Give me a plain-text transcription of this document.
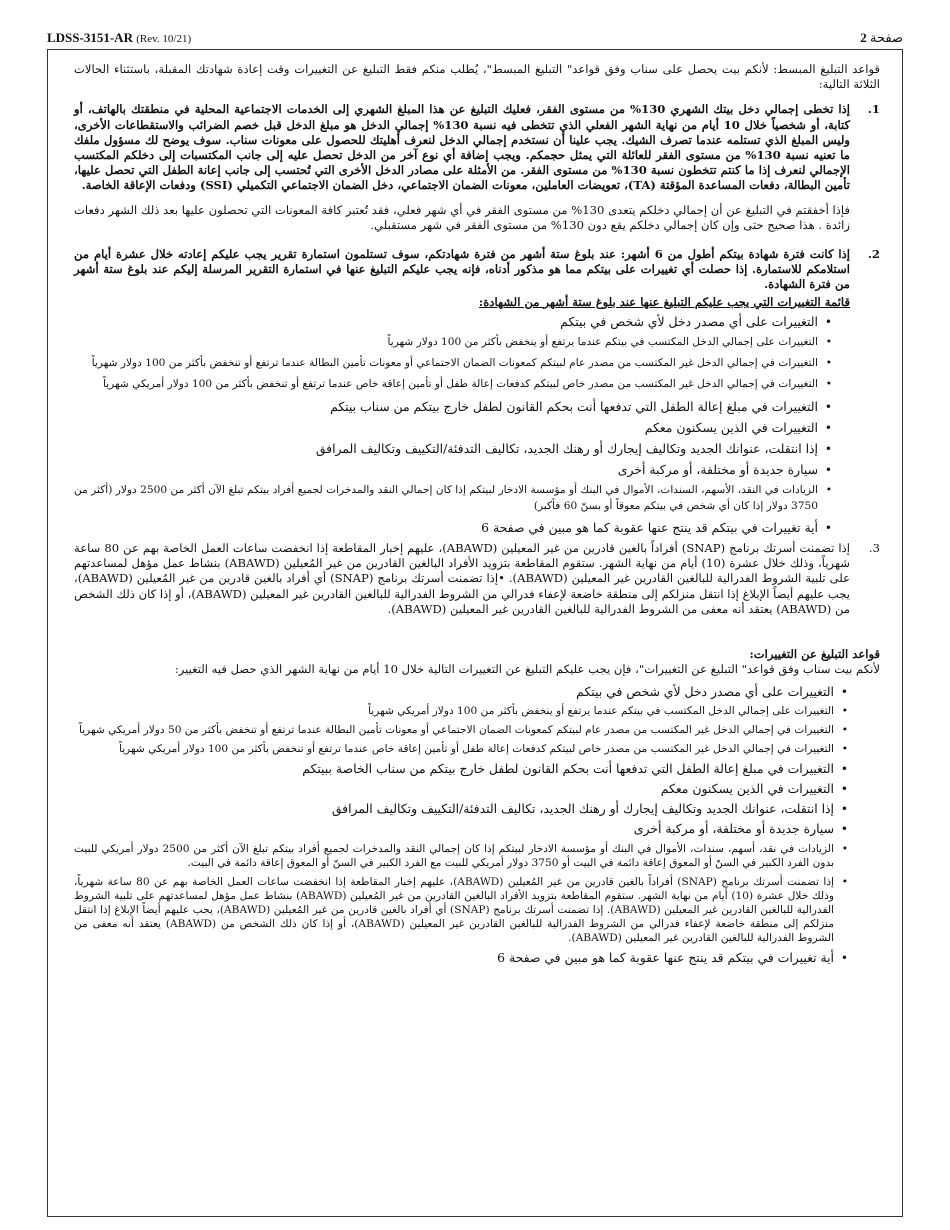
LDSS-3151-AR (Rev. 10/21)	صفحة 2

قواعد التبليغ المبسط: لأنكم بيت يحصل على سناب وفق قواعد" التبليغ المبسط"، يُطلب منكم فقط التبليغ عن التغييرات وقت إعادة شهادتك المقبلة، باستثناء الحالات الثلاثة التالية:

1.

إذا تخطى إجمالي دخل بيتك الشهري 130% من مستوى الفقر، فعليك التبليغ عن هذا المبلغ الشهري إلى الخدمات الاجتماعية المحلية في منطقتك بالهاتف، أو كتابة، أو شخصياً خلال 10 أيام من نهاية الشهر الفعلي الذي تتخطى فيه نسبة 130% إجمالي الدخل هو مبلغ الدخل قبل خصم الضرائب والاستقطاعات الأخرى، وليس المبلغ الذي تستلمه عندما تصرف الشيك. يجب علينا أن نستخدم إجمالي الدخل لنعرف أهليتك للحصول على معونات سناب. سوف يوضح لك مسؤول ملفك ما تعنيه نسبة 130% من مستوى الفقر للعائلة التي يمثل حجمكم. ويجب إضافة أي نوع آخر من الدخل تحصل عليه إلى جانب المكتسبات إلى دخلكم المكتسب الإجمالي لنعرف إذا ما كنتم تتخطون نسبة 130% من مستوى الفقر. من الأمثلة على مصادر الدخل الأخرى التي تُحتسب إلى جانب إعانة الطفل التي تحصل عليها، تأمين البطالة، دفعات المساعدة المؤقتة (TA)، تعويضات العاملين، معونات الضمان الاجتماعي، دخل الضمان الاجتماعي التكميلي (SSI) ودفعات الإعاقة الخاصة.

فإذا أخفقتم في التبليغ عن أن إجمالي دخلكم يتعدى 130% من مستوى الفقر في أي شهر فعلي، فقد تُعتبر كافة المعونات التي تحصلون عليها بعد ذلك الشهر دفعات زائدة . هذا صحيح حتى وإن كان إجمالي دخلكم يقع دون 130% من مستوى الفقر في شهر مستقبلي.

2.

إذا كانت فترة شهادة بيتكم أطول من 6 أشهر: عند بلوغ ستة أشهر من فترة شهادتكم، سوف تستلمون استمارة تقرير يجب عليكم إعادته خلال عشرة أيام من استلامكم للاستمارة. إذا حصلت أي تغييرات على بيتكم مما هو مذكور أدناه، فإنه يجب عليكم التبليغ عنها في استمارة التقرير المرسلة إليكم عند بلوغ ستة أشهر من فترة الشهادة.

قائمة التغييرات التي يجب عليكم التبليغ عنها عند بلوغ ستة أشهر من الشهادة:

• التغييرات على أي مصدر دخل لأي شخص في بيتكم
• التغييرات على إجمالي الدخل المكتسب في بيتكم عندما يرتفع أو ينخفض بأكثر من 100 دولار شهرياً
• التغييرات في إجمالي الدخل غير المكتسب من مصدر عام لبيتكم كمعونات الضمان الاجتماعي أو معونات تأمين البطالة عندما ترتفع أو تنخفض بأكثر من 100 دولار شهرياً
• التغييرات في إجمالي الدخل غير المكتسب من مصدر خاص لبيتكم كدفعات إعالة طفل أو تأمين إعاقة خاص عندما ترتفع أو تنخفض بأكثر من 100 دولار أمريكي شهرياً
• التغييرات في مبلغ إعالة الطفل التي تدفعها أنت بحكم القانون لطفل خارج بيتكم من سناب بيتكم
• التغييرات في الذين يسكنون معكم
• إذا انتقلت، عنوانك الجديد وتكاليف إيجارك أو رهنك الجديد، تكاليف التدفئة/التكييف وتكاليف المرافق
• سيارة جديدة أو مختلفة، أو مركبة أخرى
• الزيادات في النقد، الأسهم، السندات، الأموال في البنك أو مؤسسة الادخار لبيتكم إذا كان إجمالي النقد والمدخرات لجميع أفراد بيتكم تبلغ الآن أكثر من 2500 دولار (أكثر من 3750 دولار إذا كان أي شخص في بيتكم معوقاً أو بسنّ 60 فأكبر)
• أية تغييرات في بيتكم قد ينتج عنها عقوبة كما هو مبين في صفحة 6
3.

إذا تضمنت أسرتك برنامج (SNAP) أفراداً بالغين قادرين من غير المعيلين (ABAWD)، عليهم إخبار المقاطعة إذا انخفضت ساعات العمل الخاصة بهم عن 80 ساعة شهرياً، وذلك خلال عشرة (10) أيام من نهاية الشهر. ستقوم المقاطعة بتزويد الأفراد البالغين القادرين من غير المُعيلين (ABAWD) بنشاط عمل مؤهل لمساعدتهم على تلبية الشروط الفدرالية للبالغين القادرين غير المعيلين (ABAWD). •إذا تضمنت أسرتك برنامج (SNAP) أي أفراد بالغين قادرين من غير المُعيلين (ABAWD)، يجب عليهم أيضاً الإبلاغ إذا انتقل منزلكم إلى منطقة خاضعة لإعفاء فدرالي من الشروط الفدرالية للبالغين القادرين غير المعيلين (ABAWD)، أو إذا كان ذلك الشخص من (ABAWD) يعتقد أنه معفى من الشروط الفدرالية للبالغين القادرين غير المعيلين (ABAWD).

قواعد التبليغ عن التغييرات:

لأنكم بيت سناب وفق قواعد" التبليغ عن التغييرات"، فإن يجب عليكم التبليغ عن التغييرات التالية خلال 10 أيام من نهاية الشهر الذي حصل فيه التغيير:

• التغييرات على أي مصدر دخل لأي شخص في بيتكم
• التغييرات على إجمالي الدخل المكتسب في بيتكم عندما يرتفع أو ينخفض بأكثر من 100 دولار أمريكي شهرياً
• التغييرات في إجمالي الدخل غير المكتسب من مصدر عام لبيتكم كمعونات الضمان الاجتماعي أو معونات تأمين البطالة عندما ترتفع أو تنخفض بأكثر من 50 دولار أمريكي شهرياً
• التغييرات في إجمالي الدخل غير المكتسب من مصدر خاص لبيتكم كدفعات إعالة طفل أو تأمين إعاقة خاص عندما ترتفع أو تنخفض بأكثر من 100 دولار أمريكي شهرياً
• التغييرات في مبلغ إعالة الطفل التي تدفعها أنت بحكم القانون لطفل خارج بيتكم من سناب الخاصة ببيتكم
• التغييرات في الذين يسكنون معكم
• إذا انتقلت، عنوانك الجديد وتكاليف إيجارك أو رهنك الجديد، تكاليف التدفئة/التكييف وتكاليف المرافق
• سيارة جديدة أو مختلفة، أو مركبة أخرى
• الزيادات في نقد، أسهم، سندات، الأموال في البنك أو مؤسسة الادخار لبيتكم إذا كان إجمالي النقد والمدخرات لجميع أفراد بيتكم تبلغ الآن أكثر من 2500 دولار أمريكي للبيت بدون الفرد الكبير في السنّ أو المعوق إعاقة دائمة في البيت أو 3750 دولار أمريكي للبيت مع الفرد الكبير في السنّ أو المعوق إعاقة دائمة في البيت.
• إذا تضمنت أسرتك برنامج (SNAP) أفراداً بالغين قادرين من غير المُعيلين (ABAWD)، عليهم إخبار المقاطعة إذا انخفضت ساعات العمل الخاصة بهم عن 80 ساعة شهرياً، وذلك خلال عشرة (10) أيام من نهاية الشهر. ستقوم المقاطعة بتزويد الأفراد البالغين القادرين من غير المُعيلين (ABAWD) بنشاط عمل مؤهل لمساعدتهم على تلبية الشروط الفدرالية للبالغين القادرين غير المعيلين (ABAWD). إذا تضمنت أسرتك برنامج (SNAP) أي أفراد بالغين قادرين من غير المُعيلين (ABAWD)، يجب عليهم أيضاً الإبلاغ إذا انتقل منزلكم إلى منطقة خاضعة لإعفاء فدرالي من الشروط الفدرالية للبالغين القادرين غير المعيلين (ABAWD)، أو إذا كان ذلك الشخص من (ABAWD) يعتقد أنه معفى من الشروط الفدرالية للبالغين القادرين غير المعيلين (ABAWD).
• أية تغييرات في بيتكم قد ينتج عنها عقوبة كما هو مبين في صفحة 6
